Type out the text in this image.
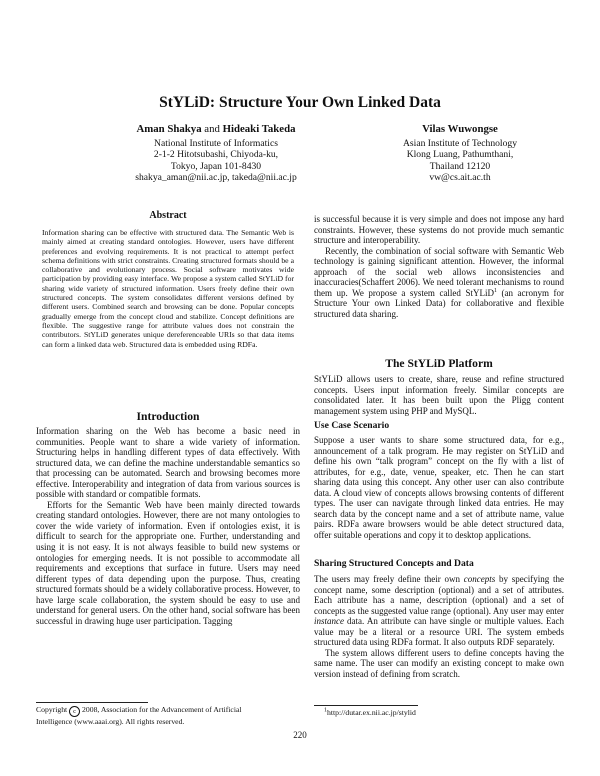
StYLiD: Structure Your Own Linked Data
Aman Shakya and Hideaki Takeda
National Institute of Informatics
2-1-2 Hitotsubashi, Chiyoda-ku,
Tokyo, Japan 101-8430
shakya_aman@nii.ac.jp, takeda@nii.ac.jp
Vilas Wuwongse
Asian Institute of Technology
Klong Luang, Pathumthani,
Thailand 12120
vw@cs.ait.ac.th
Abstract

Information sharing can be effective with structured data. The Semantic Web is mainly aimed at creating standard ontologies. However, users have different preferences and evolving requirements. It is not practical to attempt perfect schema definitions with strict constraints. Creating structured formats should be a collaborative and evolutionary process. Social software motivates wide participation by providing easy interface. We propose a system called StYLiD for sharing wide variety of structured information. Users freely define their own structured concepts. The system consolidates different versions defined by different users. Combined search and browsing can be done. Popular concepts gradually emerge from the concept cloud and stabilize. Concept definitions are flexible. The suggestive range for attribute values does not constrain the contributors. StYLiD generates unique dereferenceable URIs so that data items can form a linked data web. Structured data is embedded using RDFa.

Introduction

Information sharing on the Web has become a basic need in communities. People want to share a wide variety of information. Structuring helps in handling different types of data effectively. With structured data, we can define the machine understandable semantics so that processing can be automated. Search and browsing becomes more effective. Interoperability and integration of data from various sources is possible with standard or compatible formats.

Efforts for the Semantic Web have been mainly directed towards creating standard ontologies. However, there are not many ontologies to cover the wide variety of information. Even if ontologies exist, it is difficult to search for the appropriate one. Further, understanding and using it is not easy. It is not always feasible to build new systems or ontologies for emerging needs. It is not possible to accommodate all requirements and exceptions that surface in future. Users may need different types of data depending upon the purpose. Thus, creating structured formats should be a widely collaborative process. However, to have large scale collaboration, the system should be easy to use and understand for general users. On the other hand, social software has been successful in drawing huge user participation. Tagging

Copyright c 2008, Association for the Advancement of Artificial
Intelligence (www.aaai.org). All rights reserved.

is successful because it is very simple and does not impose any hard constraints. However, these systems do not provide much semantic structure and interoperability.

Recently, the combination of social software with Semantic Web technology is gaining significant attention. However, the informal approach of the social web allows inconsistencies and inaccuracies(Schaffert 2006). We need tolerant mechanisms to round them up. We propose a system called StYLiD$^1$ (an acronym for Structure Your own Linked Data) for collaborative and flexible structured data sharing.

The StYLiD Platform

StYLiD allows users to create, share, reuse and refine structured concepts. Users input information freely. Similar concepts are consolidated later. It has been built upon the Pligg content management system using PHP and MySQL.

Use Case Scenario

Suppose a user wants to share some structured data, for e.g., announcement of a talk program. He may register on StYLiD and define his own “talk program” concept on the fly with a list of attributes, for e.g., date, venue, speaker, etc. Then he can start sharing data using this concept. Any other user can also contribute data. A cloud view of concepts allows browsing contents of different types. The user can navigate through linked data entries. He may search data by the concept name and a set of attribute name, value pairs. RDFa aware browsers would be able detect structured data, offer suitable operations and copy it to desktop applications.

Sharing Structured Concepts and Data

The users may freely define their own concepts by specifying the concept name, some description (optional) and a set of attributes. Each attribute has a name, description (optional) and a set of concepts as the suggested value range (optional). Any user may enter instance data. An attribute can have single or multiple values. Each value may be a literal or a resource URI. The system embeds structured data using RDFa format. It also outputs RDF separately.

The system allows different users to define concepts having the same name. The user can modify an existing concept to make own version instead of defining from scratch.

$^1$http://dutar.ex.nii.ac.jp/stylid
220
